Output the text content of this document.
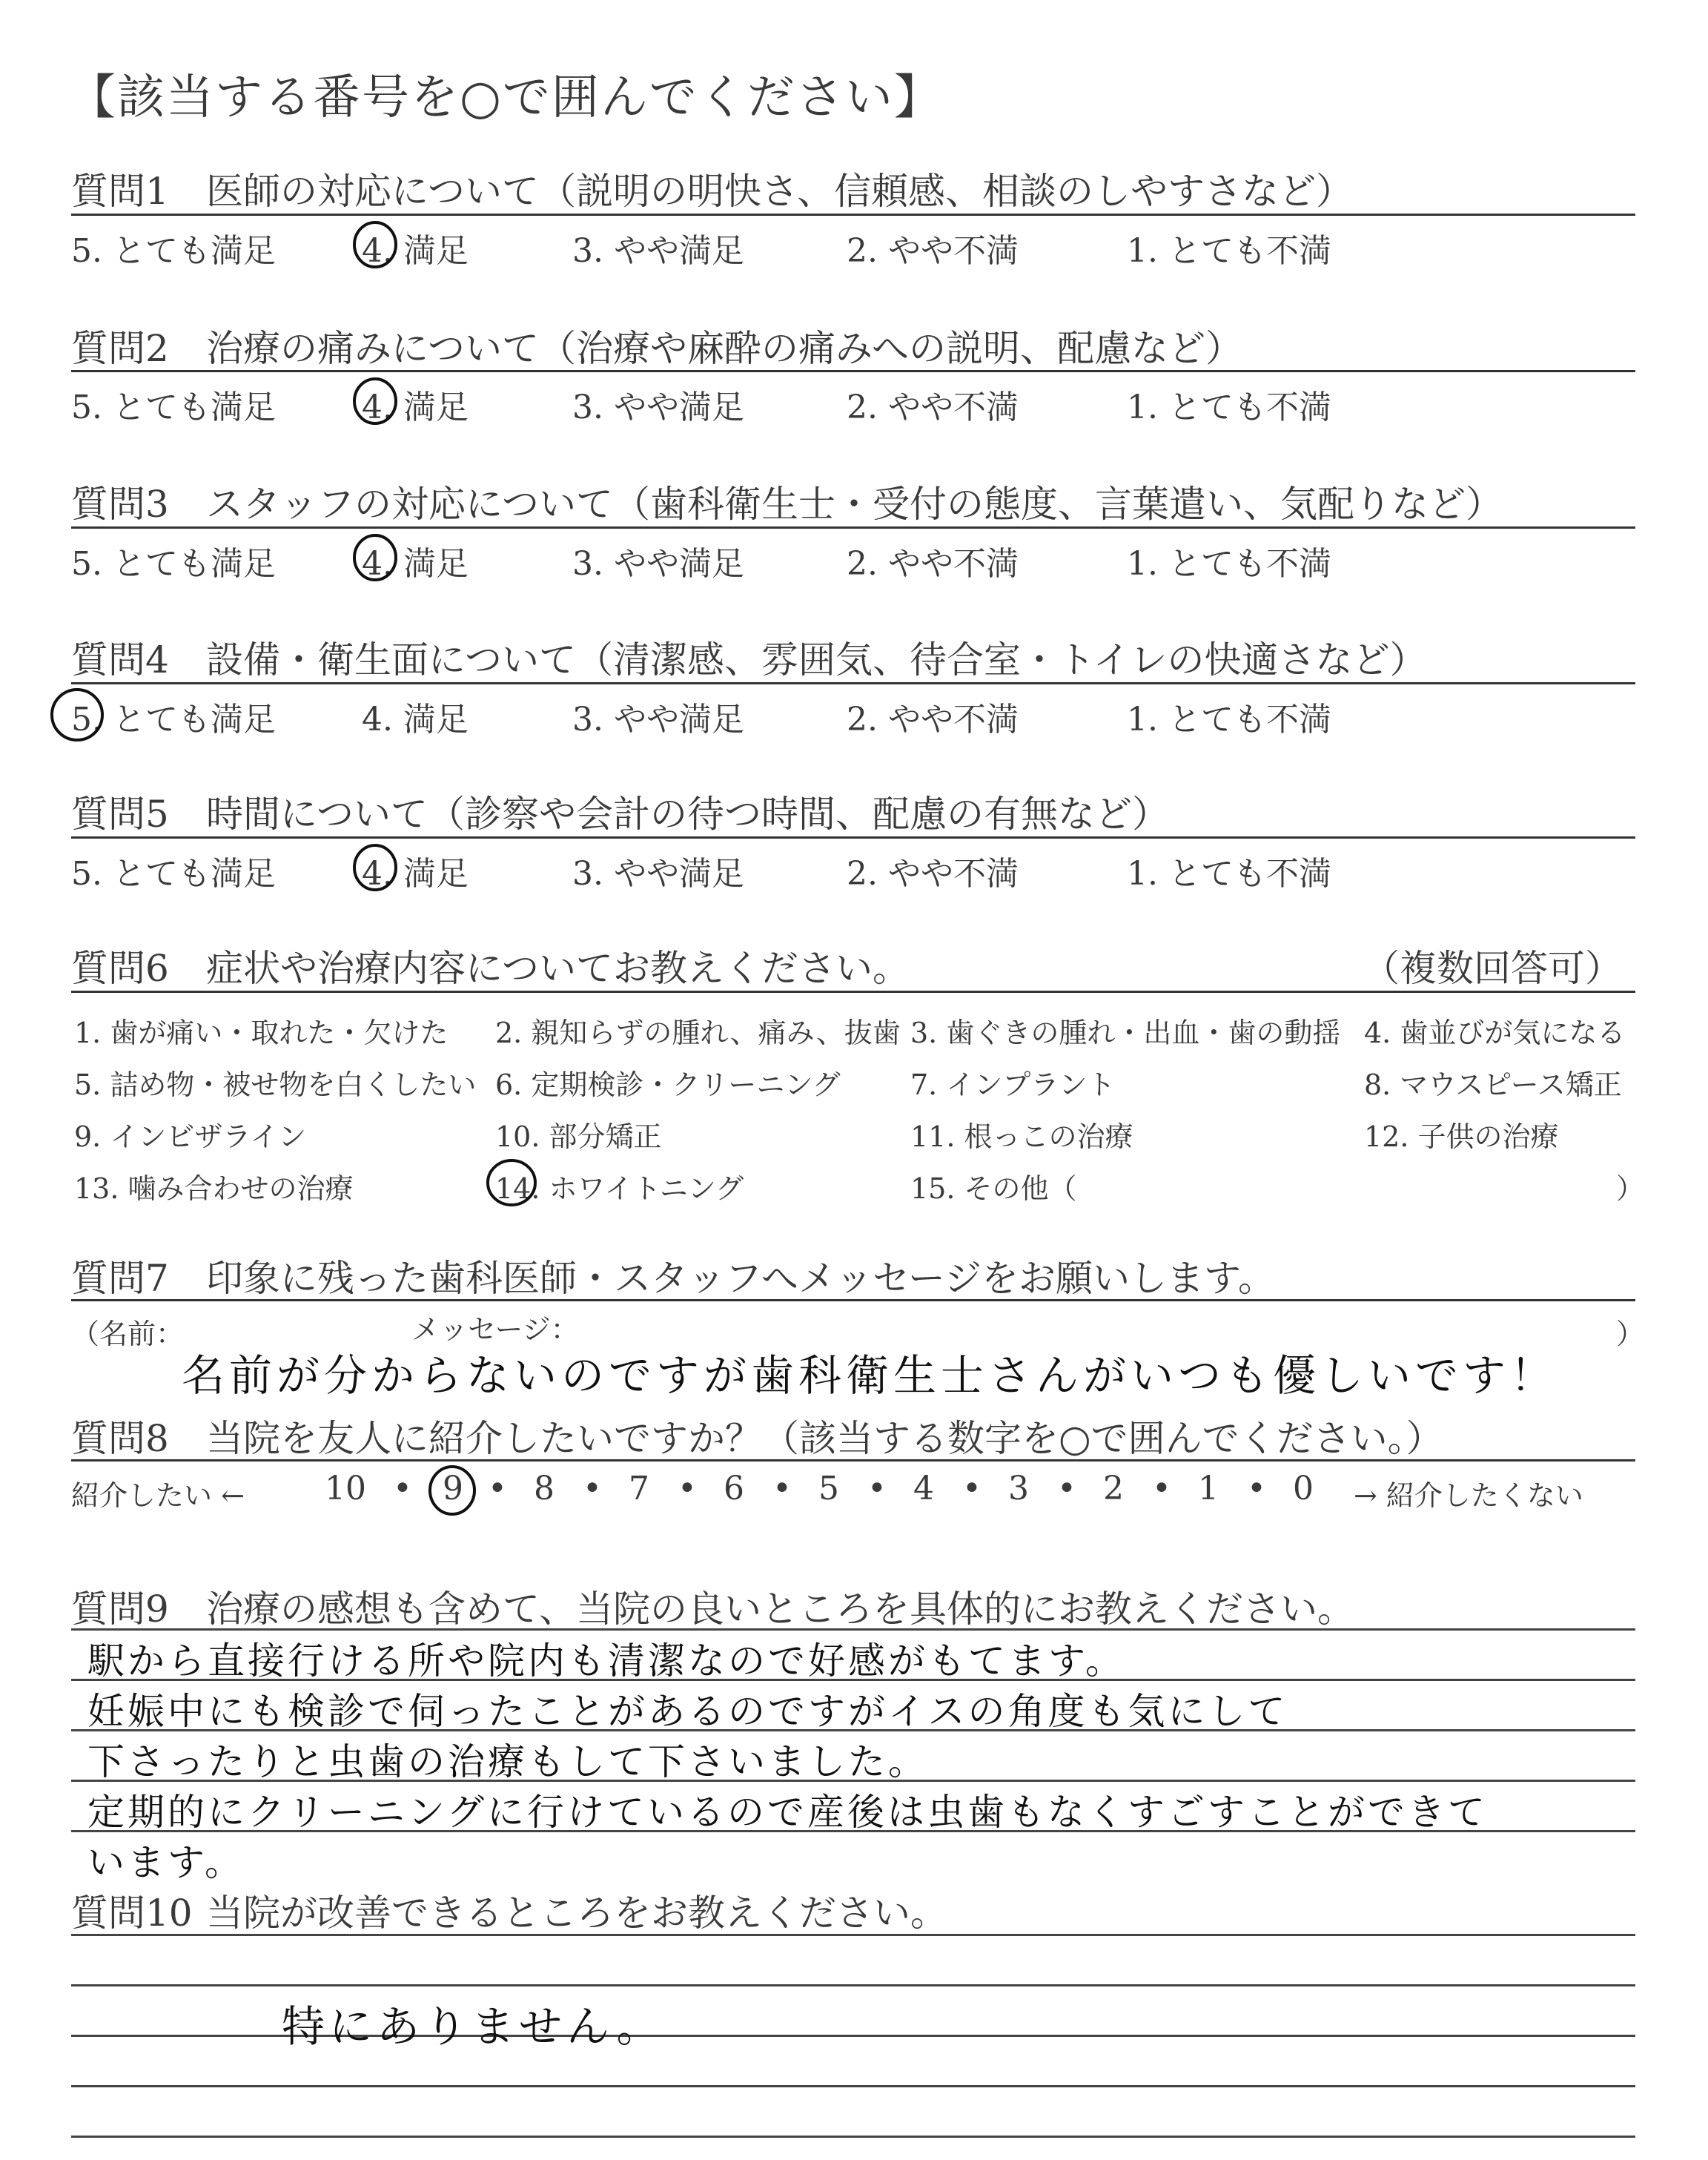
【該当する番号を○で囲んでください】
質問1 医師の対応について（説明の明快さ、信頼感、相談のしやすさなど）
5. とても満足	4. 満足	3. やや満足	2. やや不満	1. とても不満
質問2 治療の痛みについて（治療や麻酔の痛みへの説明、配慮など）
5. とても満足	4. 満足	3. やや満足	2. やや不満	1. とても不満
質問3 スタッフの対応について（歯科衛生士・受付の態度、言葉遣い、気配りなど）
5. とても満足	4. 満足	3. やや満足	2. やや不満	1. とても不満
質問4 設備・衛生面について（清潔感、雰囲気、待合室・トイレの快適さなど）
5. とても満足	4. 満足	3. やや満足	2. やや不満	1. とても不満
質問5 時間について（診察や会計の待つ時間、配慮の有無など）
5. とても満足	4. 満足	3. やや満足	2. やや不満	1. とても不満
質問6 症状や治療内容についてお教えください。	（複数回答可）
1. 歯が痛い・取れた・欠けた 2. 親知らずの腫れ、痛み、抜歯 3. 歯ぐきの腫れ・出血・歯の動揺 4. 歯並びが気になる
5. 詰め物・被せ物を白くしたい 6. 定期検診・クリーニング 7. インプラント	8. マウスピース矯正
9. インビザライン	10. 部分矯正	11. 根っこの治療	12. 子供の治療
13. 噛み合わせの治療	14. ホワイトニング	15. その他（	）
質問7 印象に残った歯科医師・スタッフへメッセージをお願いします。
（名前：	メッセージ：	）
名前が分からないのですが歯科衛生士さんがいつも優しいです！
質問8 当院を友人に紹介したいですか？（該当する数字を○で囲んでください。）
紹介したい ←	→ 紹介したくない
10 9 8 7 6 5 4 3 2 1 0
• • • • • • • • • •
質問9 治療の感想も含めて、当院の良いところを具体的にお教えください。
駅から直接行ける所や院内も清潔なので好感がもてます。
妊娠中にも検診で伺ったことがあるのですがイスの角度も気にして
下さったりと虫歯の治療もして下さいました。
定期的にクリーニングに行けているので産後は虫歯もなくすごすことができて
います。
質問10 当院が改善できるところをお教えください。
特にありません。
